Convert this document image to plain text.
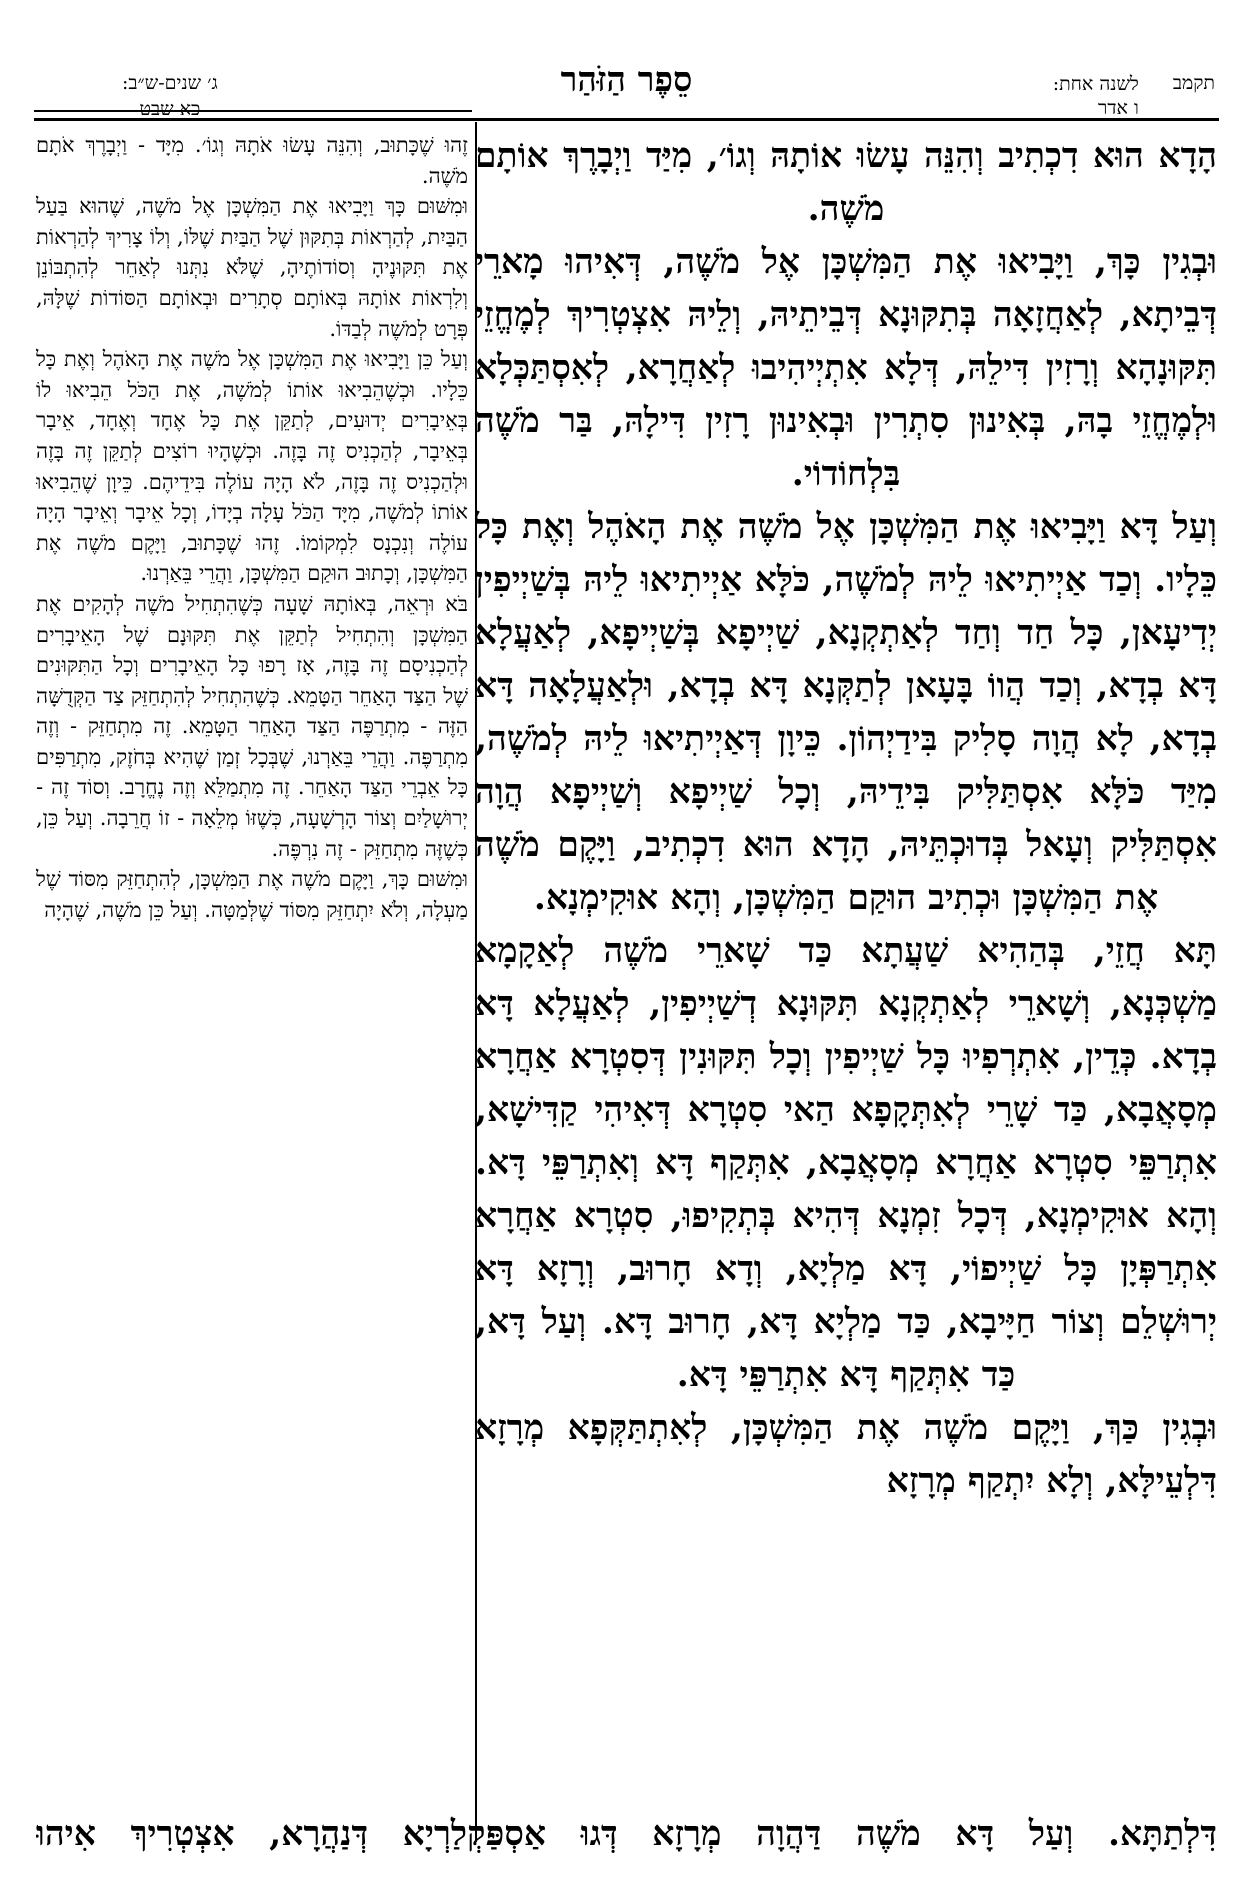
תקמב
לשנה אחת:
ו אדר
סֵפֶר הַזֹּהַר
ג׳ שנים-ש״ב:
כא שבט

הָדָא הוּא דִכְתִיב וְהִנֵּה עָשׂוּ אוֹתָהּ וְגוֹ׳, מִיַּד וַיְבָרֶךְ אוֹתָם מֹשֶׁה.

וּבְגִין כָּךְ, וַיָּבִיאוּ אֶת הַמִּשְׁכָּן אֶל מֹשֶׁה, דְּאִיהוּ מָארֵי דְּבֵיתָא, לְאַחֲזָאָה בְּתִקּוּנָא דְּבֵיתֵיהּ, וְלֵיהּ אִצְטְרִיךְ לְמֶחֱזֵי תִּקּוּנָהָא וְרָזִין דִּילֵהּ, דְּלָא אִתְיְיהִיבוּ לְאַחֲרָא, לְאִסְתַּכְּלָא וּלְמֶחֱזֵי בָהּ, בְּאִינוּן סִתְרִין וּבְאִינוּן רָזִין דִּילָהּ, בַּר מֹשֶׁה בִּלְחוֹדוֹי.

וְעַל דָּא וַיָּבִיאוּ אֶת הַמִּשְׁכָּן אֶל מֹשֶׁה אֶת הָאֹהֶל וְאֶת כָּל כֵּלָיו. וְכַד אַיְיתִיאוּ לֵיהּ לְמֹשֶׁה, כֹּלָּא אַיְיתִיאוּ לֵיהּ בְּשַׁיְיפִין יְדִיעָאן, כָּל חַד וְחַד לְאַתְקְנָא, שַׁיְיפָא בְּשַׁיְיפָא, לְאַעֲלָא דָּא בְדָא, וְכַד הֲווֹ בָּעָאן לְתַקְּנָא דָּא בְדָא, וּלְאַעֲלָאָה דָּא בְדָא, לָא הֲוָה סָלִיק בִּידַיְהוֹן. כֵּיוָן דְּאַיְיתִיאוּ לֵיהּ לְמֹשֶׁה, מִיַּד כֹּלָּא אִסְתַּלִּיק בִּידֵיהּ, וְכָל שַׁיְיפָא וְשַׁיְיפָא הֲוָה אִסְתַּלִּיק וְעָאל בְּדוּכְתֵּיהּ, הָדָא הוּא דִכְתִיב, וַיָּקֶם מֹשֶׁה אֶת הַמִּשְׁכָּן וּכְתִיב הוּקַם הַמִּשְׁכָּן, וְהָא אוּקִימְנָא.

תָּא חֲזֵי, בְּהַהִיא שַׁעֲתָא כַּד שָׁארֵי מֹשֶׁה לְאַקָמָא מַשְׁכְּנָא, וְשָׁארֵי לְאַתְקְנָא תִּקּוּנָא דְשַׁיְיפִין, לְאַעֲלָא דָּא בְדָא. כְּדֵין, אִתְרְפִיוּ כָּל שַׁיְיפִין וְכָל תִּקּוּנִין דְּסִטְרָא אַחֲרָא מְסָאֲבָא, כַּד שָׁרֵי לְאִתְּקָפָא הַאי סִטְרָא דְּאִיהִי קַדִּישָׁא, אִתְרַפֵּי סִטְרָא אַחֲרָא מְסָאֲבָא, אִתְּקַף דָּא וְאִתְרַפֵּי דָּא. וְהָא אוּקִימְנָא, דְּכָל זִמְנָא דְּהִיא בְּתְקִיפוּ, סִטְרָא אַחֲרָא אִתְרַפְּיָן כָּל שַׁיְיפוֹי, דָּא מַלְיָא, וְדָא חָרוּב, וְרָזָא דָּא יְרוּשְׁלֵם וְצוֹר חַיָּיבָא, כַּד מַלְיָא דָּא, חָרוּב דָּא. וְעַל דָּא, כַּד אִתְּקַף דָּא אִתְרַפֵּי דָּא.

וּבְגִין כַּךְ, וַיָּקֶם מֹשֶׁה אֶת הַמִּשְׁכָּן, לְאִתְתַּקְּפָא מְרָזָא דִּלְעֵילָּא, וְלָא יִתְקַף מְרָזָא

זֶהוּ שֶׁכָּתוּב, וְהִנֵּה עָשׂוּ אֹתָהּ וְגוֹ׳. מִיָּד - וַיְבָרֶךְ אֹתָם מֹשֶׁה.

וּמִשּׁוּם כָּךְ וַיָּבִיאוּ אֶת הַמִּשְׁכָּן אֶל מֹשֶׁה, שֶׁהוּא בַּעַל הַבַּיִת, לְהַרְאוֹת בְּתִקּוּן שֶׁל הַבַּיִת שֶׁלּוֹ, וְלוֹ צָרִיךְ לְהַרְאוֹת אֶת תִּקּוּנֶיהָ וְסוֹדוֹתֶיהָ, שֶׁלֹּא נִתְּנוּ לְאַחֵר לְהִתְבּוֹנֵן וְלִרְאוֹת אוֹתָהּ בְּאוֹתָם סְתָרִים וּבְאוֹתָם הַסּוֹדוֹת שֶׁלָּהּ, פְּרָט לְמֹשֶׁה לְבַדּוֹ.

וְעַל כֵּן וַיָּבִיאוּ אֶת הַמִּשְׁכָּן אֶל מֹשֶׁה אֶת הָאֹהֶל וְאֶת כָּל כֵּלָיו. וּכְשֶׁהֵבִיאוּ אוֹתוֹ לְמֹשֶׁה, אֶת הַכֹּל הֵבִיאוּ לוֹ בְּאֵיבָרִים יְדוּעִים, לְתַקֵּן אֶת כָּל אֶחָד וְאֶחָד, אֵיבָר בְּאֵיבָר, לְהַכְנִיס זֶה בָּזֶה. וּכְשֶׁהָיוּ רוֹצִים לְתַקֵּן זֶה בָּזֶה וּלְהַכְנִיס זֶה בָּזֶה, לֹא הָיָה עוֹלֶה בִּידֵיהֶם. כֵּיוָן שֶׁהֵבִיאוּ אוֹתוֹ לְמֹשֶׁה, מִיָּד הַכֹּל עָלָה בְיָדוֹ, וְכָל אֵיבָר וְאֵיבָר הָיָה עוֹלֶה וְנִכְנָס לִמְקוֹמוֹ. זֶהוּ שֶׁכָּתוּב, וַיָּקֶם מֹשֶׁה אֶת הַמִּשְׁכָּן, וְכָתוּב הוּקַם הַמִּשְׁכָּן, וַהֲרֵי בֵּאַרְנוּ.

בֹּא וּרְאֵה, בְּאוֹתָהּ שָׁעָה כְּשֶׁהִתְחִיל מֹשֶׁה לְהָקִים אֶת הַמִּשְׁכָּן וְהִתְחִיל לְתַקֵּן אֶת תִּקּוּנָם שֶׁל הָאֵיבָרִים לְהַכְנִיסָם זֶה בָּזֶה, אָז רָפוּ כָּל הָאֵיבָרִים וְכָל הַתִּקּוּנִים שֶׁל הַצַּד הָאַחֵר הַטָּמֵא. כְּשֶׁהִתְחִיל לְהִתְחַזֵּק צַד הַקְּדֻשָּׁה הַזֶּה - מִתְרַפֶּה הַצַּד הָאַחֵר הַטָּמֵא. זֶה מִתְחַזֵּק - וְזֶה מִתְרַפֶּה. וַהֲרֵי בֵּאַרְנוּ, שֶׁבְּכָל זְמַן שֶׁהִיא בְּחֹזֶק, מִתְרַפִּים כָּל אֵבְרֵי הַצַּד הָאַחֵר. זֶה מִתְמַלֵּא וְזֶה נֶחֱרָב. וְסוֹד זֶה - יְרוּשָׁלַיִם וְצוֹר הָרְשָׁעָה, כְּשֶׁזּוֹ מְלֵאָה - זוֹ חֲרֵבָה. וְעַל כֵּן, כְּשֶׁזֶּה מִתְחַזֵּק - זֶה נִרְפֶּה.

וּמִשּׁוּם כָּךְ, וַיָּקֶם מֹשֶׁה אֶת הַמִּשְׁכָּן, לְהִתְחַזֵּק מִסּוֹד שֶׁל מַעְלָה, וְלֹא יִתְחַזֵּק מִסּוֹד שֶׁלְּמַטָּה. וְעַל כֵּן מֹשֶׁה, שֶׁהָיָה

דִּלְתַתָּא. וְעַל דָּא מֹשֶׁה דַּהֲוָה מְרָזָא דְּגוּ אַסְפַּקְלַרְיָא דְּנַהֲרָא, אִצְטְרִיךְ אִיהוּ
